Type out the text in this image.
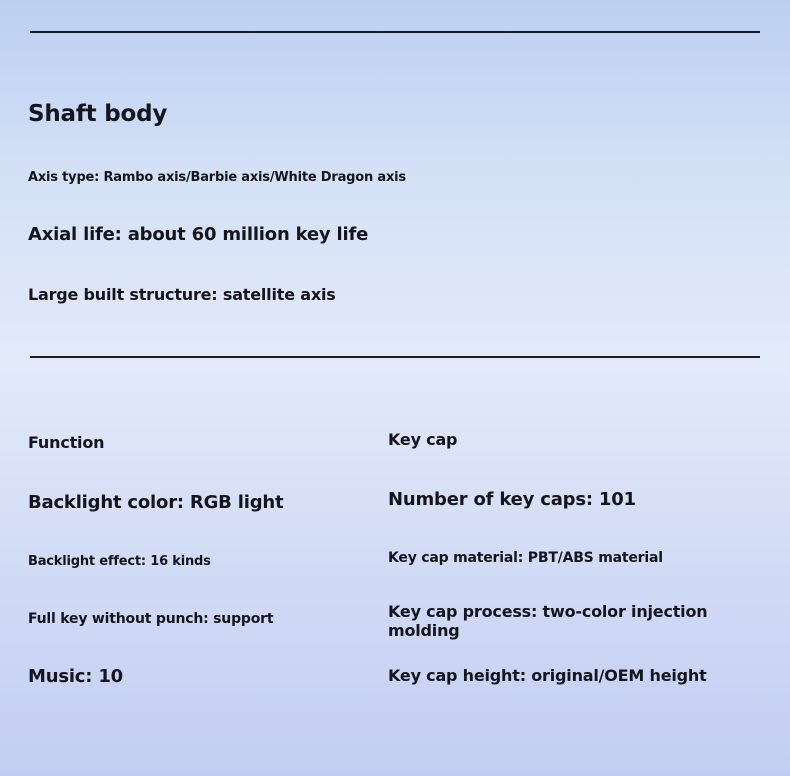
Shaft body

Axis type: Rambo axis/Barbie axis/White Dragon axis

Axial life: about 60 million key life

Large built structure: satellite axis

Function

Backlight color: RGB light

Backlight effect: 16 kinds

Full key without punch: support

Music: 10

Key cap

Number of key caps: 101

Key cap material: PBT/ABS material

Key cap process: two-color injection molding

Key cap height: original/OEM height
